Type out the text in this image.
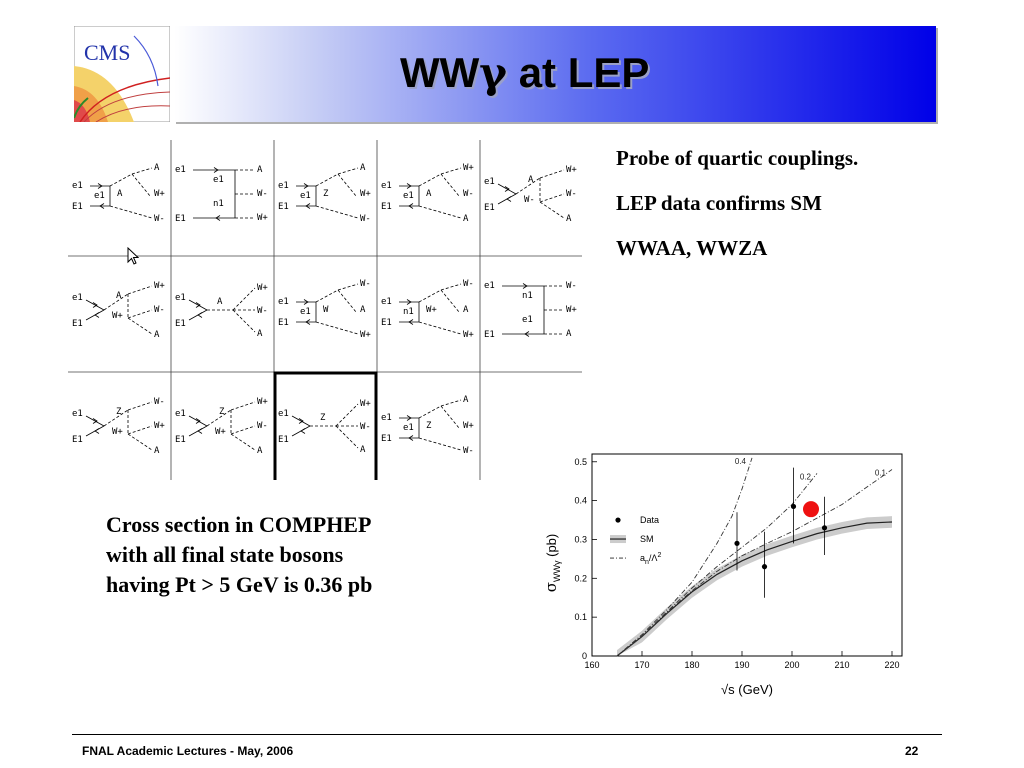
CMS	WWγ at LEP
e1
E1
e1 A
A
W+
W-
e1
E1
e1
n1
A
W-
W+
e1
E1
e1 Z
A
W+
W-
e1
E1
e1 A
W+
W-
A
e1
E1
A
W-
W+
W-
A
e1
E1
A
W+
W+
W-
A
e1
E1
A
W+
W-
A
e1
E1
e1 W
W-
A
W+
e1
E1
n1 W+
W-
A
W+
e1
E1
n1
e1
W-
W+
A
e1
E1
Z
W+
W-
W+
A
e1
E1
Z
W+
W+
W-
A
e1
E1
Z
W+
W-
A
e1
E1
e1 Z
A
W+
W-
Probe of quartic couplings.
LEP data confirms SM
WWAA, WWZA
Cross section in COMPHEP
with all final state bosons
having Pt > 5 GeV is 0.36 pb
160	170	180	190	200	210	220
0
0.1
0.2
0.3
0.4
0.5	0.4
0.2	0.1
Data
SM
$a_n/\Lambda^2$
√s (GeV)
$\sigma_{WW\gamma}$ (pb)
FNAL Academic Lectures - May, 2006	22
